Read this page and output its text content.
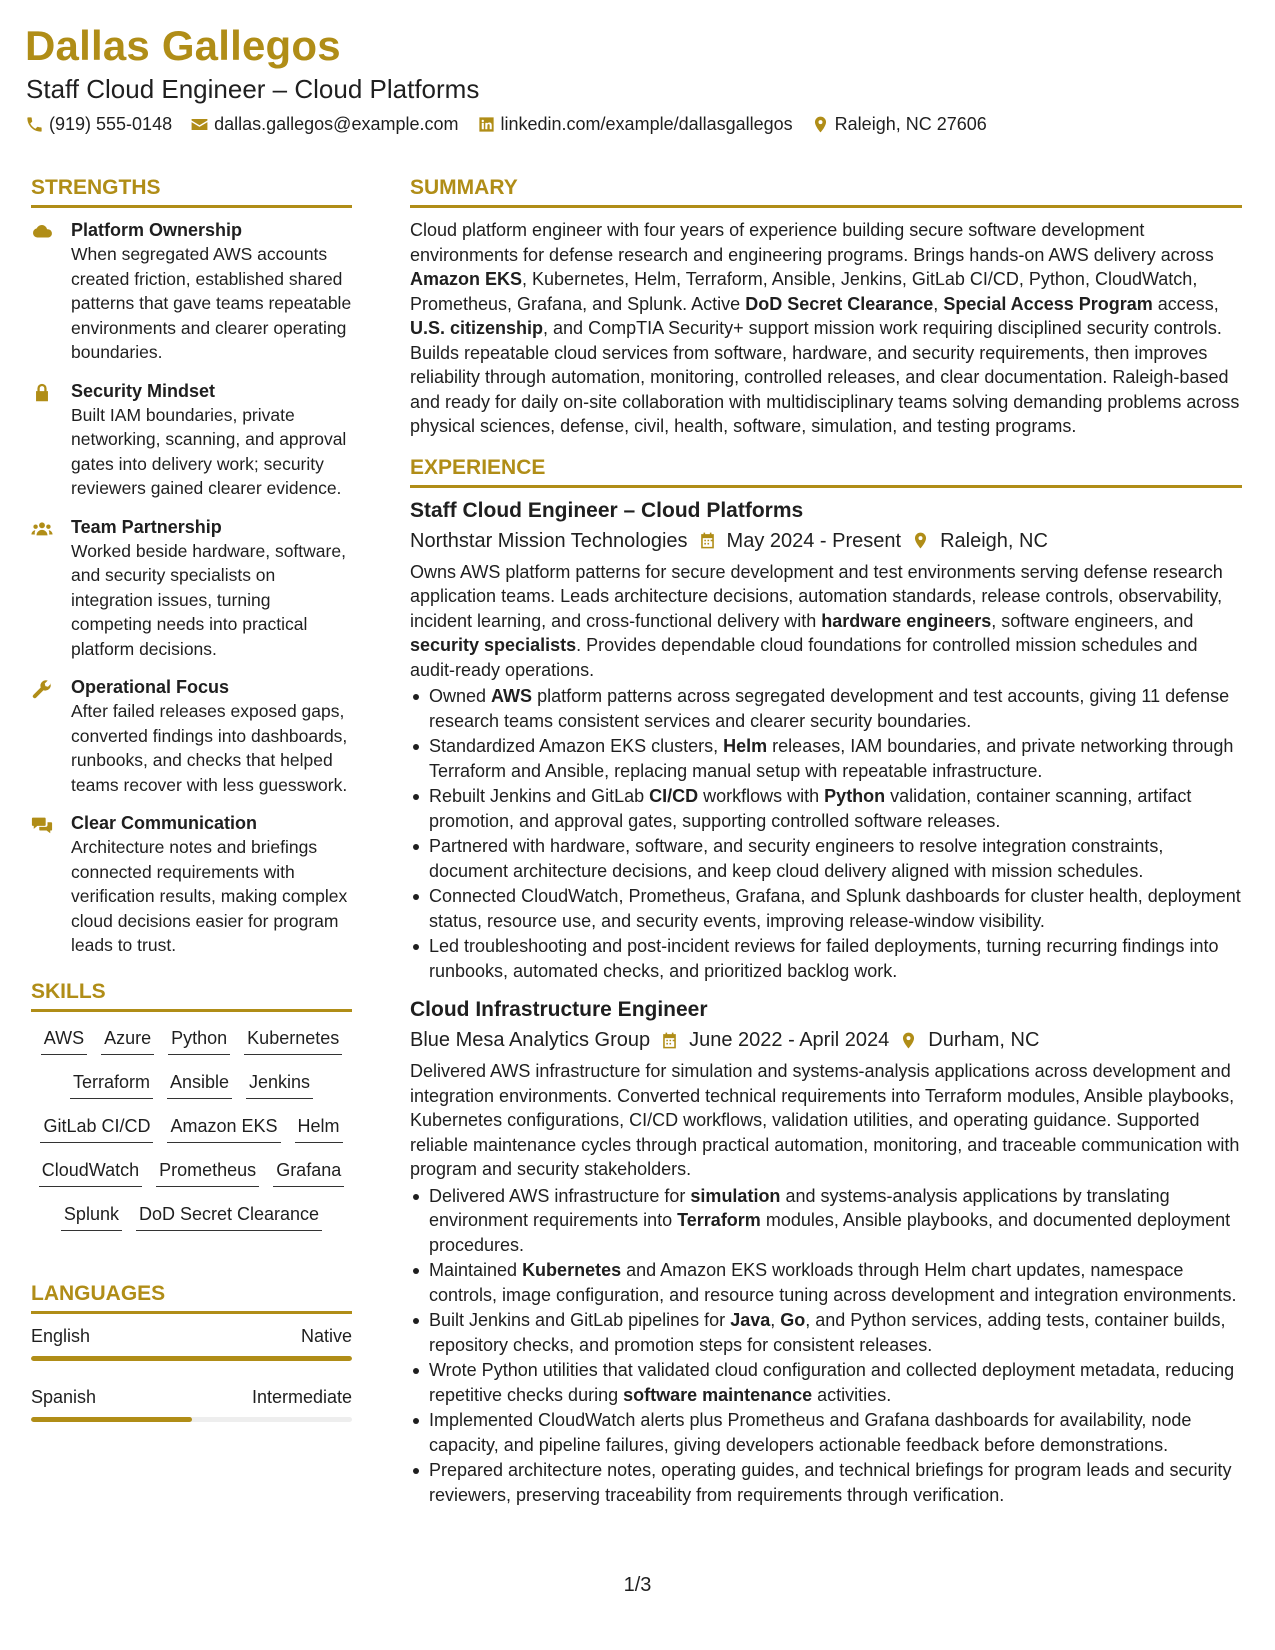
Dallas Gallegos
Staff Cloud Engineer – Cloud Platforms
(919) 555-0148 dallas.gallegos@example.com linkedin.com/example/dallasgallegos Raleigh, NC 27606
STRENGTHS
Platform Ownership
When segregated AWS accounts created friction, established shared patterns that gave teams repeatable environments and clearer operating boundaries.
Security Mindset
Built IAM boundaries, private networking, scanning, and approval gates into delivery work; security reviewers gained clearer evidence.
Team Partnership
Worked beside hardware, software, and security specialists on integration issues, turning competing needs into practical platform decisions.
Operational Focus
After failed releases exposed gaps, converted findings into dashboards, runbooks, and checks that helped teams recover with less guesswork.
Clear Communication
Architecture notes and briefings connected requirements with verification results, making complex cloud decisions easier for program leads to trust.
SKILLS
AWS Azure Python Kubernetes
Terraform Ansible Jenkins
GitLab CI/CD Amazon EKS Helm
CloudWatch Prometheus Grafana
Splunk DoD Secret Clearance
LANGUAGES
English	Native
Spanish	Intermediate
SUMMARY
Cloud platform engineer with four years of experience building secure software development environments for defense research and engineering programs. Brings hands-on AWS delivery across Amazon EKS, Kubernetes, Helm, Terraform, Ansible, Jenkins, GitLab CI/CD, Python, CloudWatch, Prometheus, Grafana, and Splunk. Active DoD Secret Clearance, Special Access Program access, U.S. citizenship, and CompTIA Security+ support mission work requiring disciplined security controls. Builds repeatable cloud services from software, hardware, and security requirements, then improves reliability through automation, monitoring, controlled releases, and clear documentation. Raleigh-based and ready for daily on-site collaboration with multidisciplinary teams solving demanding problems across physical sciences, defense, civil, health, software, simulation, and testing programs.
EXPERIENCE
Staff Cloud Engineer – Cloud Platforms
Northstar Mission Technologies May 2024 - Present Raleigh, NC
Owns AWS platform patterns for secure development and test environments serving defense research application teams. Leads architecture decisions, automation standards, release controls, observability, incident learning, and cross-functional delivery with hardware engineers, software engineers, and security specialists. Provides dependable cloud foundations for controlled mission schedules and audit-ready operations.
Owned AWS platform patterns across segregated development and test accounts, giving 11 defense research teams consistent services and clearer security boundaries.
Standardized Amazon EKS clusters, Helm releases, IAM boundaries, and private networking through Terraform and Ansible, replacing manual setup with repeatable infrastructure.
Rebuilt Jenkins and GitLab CI/CD workflows with Python validation, container scanning, artifact promotion, and approval gates, supporting controlled software releases.
Partnered with hardware, software, and security engineers to resolve integration constraints, document architecture decisions, and keep cloud delivery aligned with mission schedules.
Connected CloudWatch, Prometheus, Grafana, and Splunk dashboards for cluster health, deployment status, resource use, and security events, improving release-window visibility.
Led troubleshooting and post-incident reviews for failed deployments, turning recurring findings into runbooks, automated checks, and prioritized backlog work.
Cloud Infrastructure Engineer
Blue Mesa Analytics Group June 2022 - April 2024 Durham, NC
Delivered AWS infrastructure for simulation and systems-analysis applications across development and integration environments. Converted technical requirements into Terraform modules, Ansible playbooks, Kubernetes configurations, CI/CD workflows, validation utilities, and operating guidance. Supported reliable maintenance cycles through practical automation, monitoring, and traceable communication with program and security stakeholders.
Delivered AWS infrastructure for simulation and systems-analysis applications by translating environment requirements into Terraform modules, Ansible playbooks, and documented deployment procedures.
Maintained Kubernetes and Amazon EKS workloads through Helm chart updates, namespace controls, image configuration, and resource tuning across development and integration environments.
Built Jenkins and GitLab pipelines for Java, Go, and Python services, adding tests, container builds, repository checks, and promotion steps for consistent releases.
Wrote Python utilities that validated cloud configuration and collected deployment metadata, reducing repetitive checks during software maintenance activities.
Implemented CloudWatch alerts plus Prometheus and Grafana dashboards for availability, node capacity, and pipeline failures, giving developers actionable feedback before demonstrations.
Prepared architecture notes, operating guides, and technical briefings for program leads and security reviewers, preserving traceability from requirements through verification.
1/3
